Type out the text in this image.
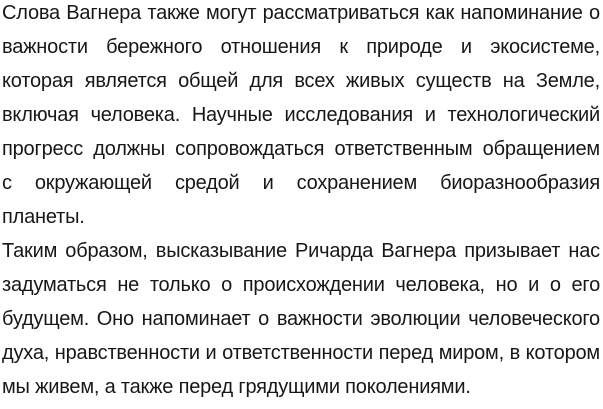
Слова Вагнера также могут рассматриваться как напоминание о
важности бережного отношения к природе и экосистеме,
которая является общей для всех живых существ на Земле,
включая человека. Научные исследования и технологический
прогресс должны сопровождаться ответственным обращением
с окружающей средой и сохранением биоразнообразия
планеты.
Таким образом, высказывание Ричарда Вагнера призывает нас
задуматься не только о происхождении человека, но и о его
будущем. Оно напоминает о важности эволюции человеческого
духа, нравственности и ответственности перед миром, в котором
мы живем, а также перед грядущими поколениями.
